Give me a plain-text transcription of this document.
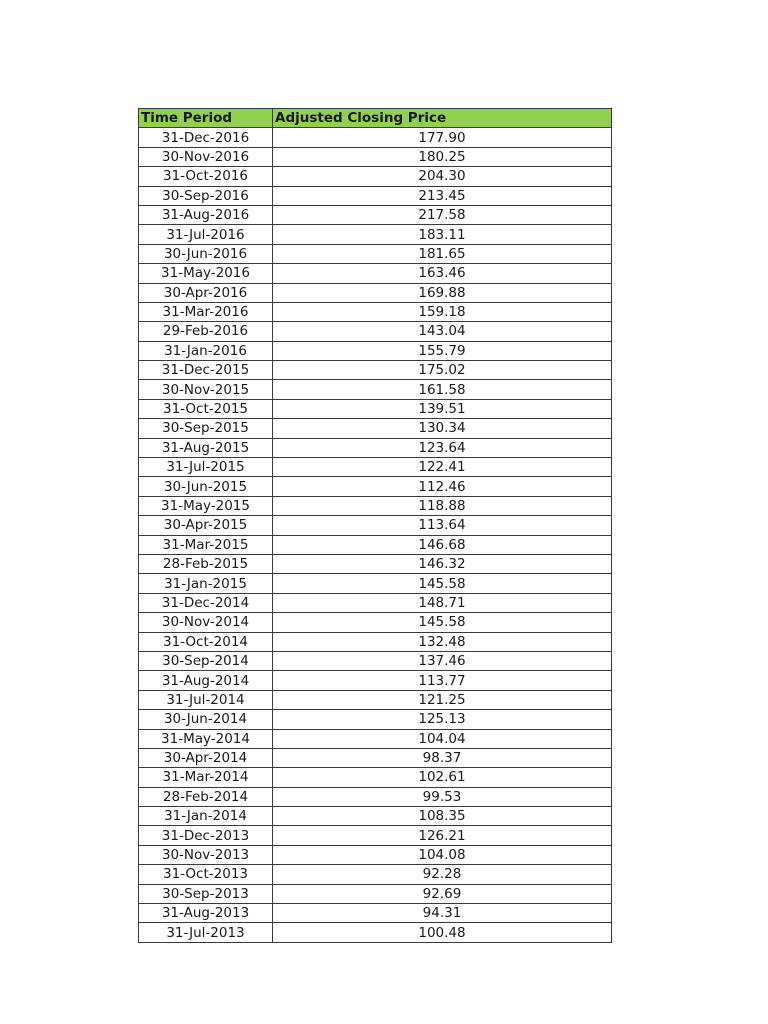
Time Period	Adjusted Closing Price
31-Dec-2016	177.90
30-Nov-2016	180.25
31-Oct-2016	204.30
30-Sep-2016	213.45
31-Aug-2016	217.58
31-Jul-2016	183.11
30-Jun-2016	181.65
31-May-2016	163.46
30-Apr-2016	169.88
31-Mar-2016	159.18
29-Feb-2016	143.04
31-Jan-2016	155.79
31-Dec-2015	175.02
30-Nov-2015	161.58
31-Oct-2015	139.51
30-Sep-2015	130.34
31-Aug-2015	123.64
31-Jul-2015	122.41
30-Jun-2015	112.46
31-May-2015	118.88
30-Apr-2015	113.64
31-Mar-2015	146.68
28-Feb-2015	146.32
31-Jan-2015	145.58
31-Dec-2014	148.71
30-Nov-2014	145.58
31-Oct-2014	132.48
30-Sep-2014	137.46
31-Aug-2014	113.77
31-Jul-2014	121.25
30-Jun-2014	125.13
31-May-2014	104.04
30-Apr-2014	98.37
31-Mar-2014	102.61
28-Feb-2014	99.53
31-Jan-2014	108.35
31-Dec-2013	126.21
30-Nov-2013	104.08
31-Oct-2013	92.28
30-Sep-2013	92.69
31-Aug-2013	94.31
31-Jul-2013	100.48
